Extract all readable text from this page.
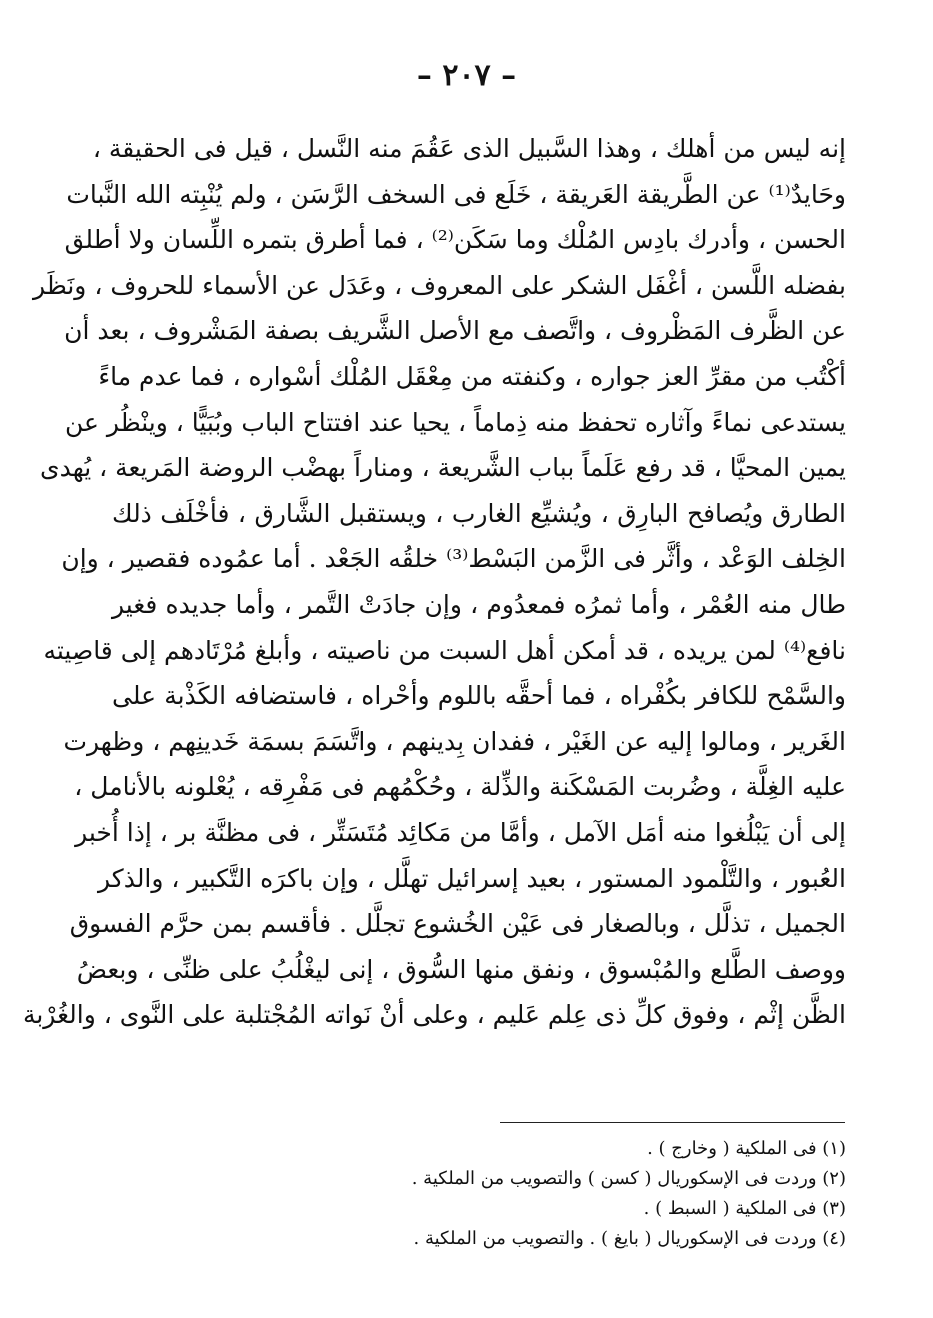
– ٢٠٧ –
إنه ليس من أهلك ، وهذا السَّبيل الذى عَقُمَ منه النَّسل ، قيل فى الحقيقة ،
وحَايدٌ⁽¹⁾ عن الطَّريقة العَريقة ، خَلَع فى السخف الرَّسَن ، ولم يُنْبِته الله النَّبات
الحسن ، وأدرك بادِس المُلْك وما سَكَن⁽²⁾ ، فما أطرق بتمره اللِّسان ولا أطلق
بفضله اللَّسن ، أغْفَل الشكر على المعروف ، وعَدَل عن الأسماء للحروف ، ونَظَر
عن الظَّرف المَظْروف ، واتَّصف مع الأصل الشَّريف بصفة المَشْروف ، بعد أن
أكْتُب من مقرِّ العز جواره ، وكنفته من مِعْقَل المُلْك أسْواره ، فما عدم ماءً
يستدعى نماءً وآثاره تحفظ منه ذِماماً ، يحيا عند افتتاح الباب وبُبَيًّا ، وينْظُر عن
يمين المحيَّا ، قد رفع عَلَماً بباب الشَّريعة ، ومناراً بهضْب الروضة المَريعة ، يُهدى
الطارق ويُصافح البارِق ، ويُشيِّع الغارب ، ويستقبل الشَّارق ، فأخْلَف ذلك
الخِلف الوَعْد ، وأثَّر فى الزَّمن البَسْط⁽³⁾ خلقُه الجَعْد . أما عمُوده فقصير ، وإن
طال منه العُمْر ، وأما ثمرُه فمعدُوم ، وإن جادَتْ التَّمر ، وأما جديده فغير
نافع⁽⁴⁾ لمن يريده ، قد أمكن أهل السبت من ناصيته ، وأبلغ مُرْتَادهم إلى قاصِيته
والسَّمْح للكافر بكُفْراه ، فما أحقَّه باللوم وأحْراه ، فاستضافه الكَذْبة على
الغَرير ، ومالوا إليه عن الغَيْر ، ففدان بِدينهم ، واتَّسَمَ بسمَة خَدينِهم ، وظهرت
عليه الغِلَّة ، وضُربت المَسْكَنة والذِّلة ، وحُكْمُهم فى مَفْرِقه ، يُعْلونه بالأنامل ،
إلى أن يَبْلُغوا منه أمَل الآمل ، وأمَّا من مَكائِد مُتَسَتِّر ، فى مظنَّة بر ، إذا أُخبر
العُبور ، والتَّلْمود المستور ، بعيد إسرائيل تهلَّل ، وإن باكرَه التَّكبير ، والذكر
الجميل ، تذلَّل ، وبالصغار فى عَيْن الخُشوع تجلَّل . فأقسم بمن حرَّم الفسوق
ووصف الطَّلع والمُبْسوق ، ونفق منها السُّوق ، إنى ليغْلُبُ على ظنِّى ، وبعضُ
الظَّن إثْم ، وفوق كلِّ ذى عِلم عَليم ، وعلى أنْ نَواته المُجْتلبة على النَّوى ، والغُرْبة
(١) فى الملكية ( وخارج ) .
(٢) وردت فى الإسكوريال ( كسن ) والتصويب من الملكية .
(٣) فى الملكية ( السبط ) .
(٤) وردت فى الإسكوريال ( بايغ ) . والتصويب من الملكية .
